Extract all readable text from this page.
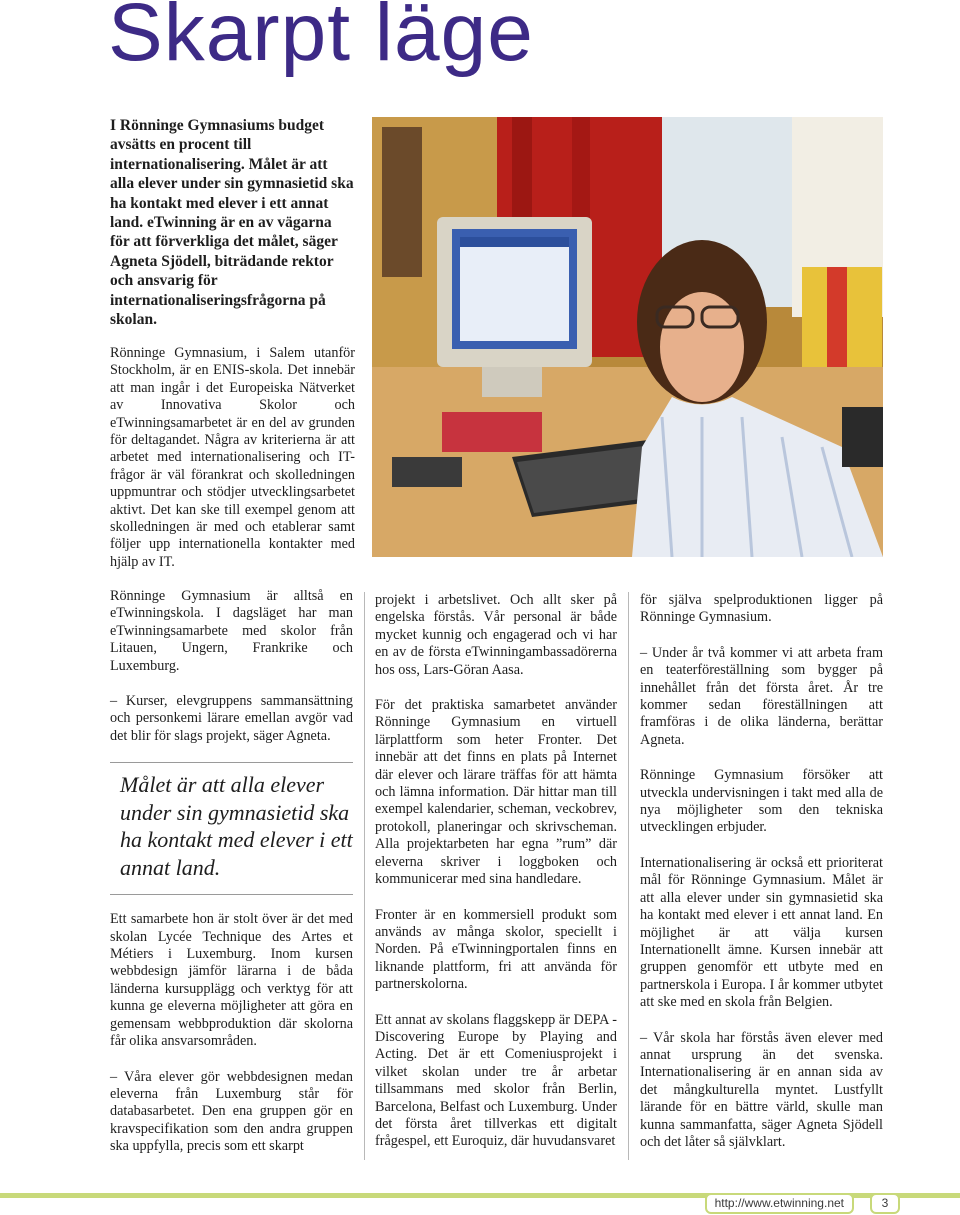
Skarpt läge
I Rönninge Gymnasiums budget avsätts en procent till internationalisering. Målet är att alla elever under sin gymnasietid ska ha kontakt med elever i ett annat land. eTwinning är en av vägarna för att förverkliga det målet, säger Agneta Sjödell, biträdande rektor och ansvarig för internationaliseringsfrågorna på skolan.

Rönninge Gymnasium, i Salem utanför Stockholm, är en ENIS-skola. Det innebär att man ingår i det Europeiska Nätverket av Innovativa Skolor och eTwinningsamarbetet är en del av grunden för deltagandet. Några av kriterierna är att arbetet med internationalisering och IT-frågor är väl förankrat och skolledningen uppmuntrar och stödjer utvecklingsarbetet aktivt. Det kan ske till exempel genom att skolledningen är med och etablerar samt följer upp internationella kontakter med hjälp av IT.

Rönninge Gymnasium är alltså en eTwinningskola. I dagsläget har man eTwinningsamarbete med skolor från Litauen, Ungern, Frankrike och Luxemburg.

– Kurser, elevgruppens sammansättning och personkemi lärare emellan avgör vad det blir för slags projekt, säger Agneta.

Målet är att alla elever under sin gymnasietid ska ha kontakt med elever i ett annat land.

Ett samarbete hon är stolt över är det med skolan Lycée Technique des Artes et Métiers i Luxemburg. Inom kursen webbdesign jämför lärarna i de båda länderna kursupplägg och verktyg för att kunna ge eleverna möjligheter att göra en gemensam webbproduktion där skolorna får olika ansvarsområden.

– Våra elever gör webbdesignen medan eleverna från Luxemburg står för databasarbetet. Den ena gruppen gör en kravspecifikation som den andra gruppen ska uppfylla, precis som ett skarpt

projekt i arbetslivet. Och allt sker på engelska förstås. Vår personal är både mycket kunnig och engagerad och vi har en av de första eTwinningambassadörerna hos oss, Lars-Göran Aasa.

För det praktiska samarbetet använder Rönninge Gymnasium en virtuell lärplattform som heter Fronter. Det innebär att det finns en plats på Internet där elever och lärare träffas för att hämta och lämna information. Där hittar man till exempel kalendarier, scheman, veckobrev, protokoll, planeringar och skrivscheman. Alla projektarbeten har egna ”rum” där eleverna skriver i loggboken och kommunicerar med sina handledare.

Fronter är en kommersiell produkt som används av många skolor, speciellt i Norden. På eTwinningportalen finns en liknande plattform, fri att använda för partnerskolorna.

Ett annat av skolans flaggskepp är DEPA - Discovering Europe by Playing and Acting. Det är ett Comeniusprojekt i vilket skolan under tre år arbetar tillsammans med skolor från Berlin, Barcelona, Belfast och Luxemburg. Under det första året tillverkas ett digitalt frågespel, ett Euroquiz, där huvudansvaret

för själva spelproduktionen ligger på Rönninge Gymnasium.

– Under år två kommer vi att arbeta fram en teaterföreställning som bygger på innehållet från det första året. År tre kommer sedan föreställningen att framföras i de olika länderna, berättar Agneta.

Rönninge Gymnasium försöker att utveckla undervisningen i takt med alla de nya möjligheter som den tekniska utvecklingen erbjuder.

Internationalisering är också ett prioriterat mål för Rönninge Gymnasium. Målet är att alla elever under sin gymnasietid ska ha kontakt med elever i ett annat land. En möjlighet är att välja kursen Internationellt ämne. Kursen innebär att gruppen genomför ett utbyte med en partnerskola i Europa. I år kommer utbytet att ske med en skola från Belgien.

– Vår skola har förstås även elever med annat ursprung än det svenska. Internationalisering är en annan sida av det mångkulturella myntet. Lustfyllt lärande för en bättre värld, skulle man kunna sammanfatta, säger Agneta Sjödell och det låter så självklart.

http://www.etwinning.net	3
